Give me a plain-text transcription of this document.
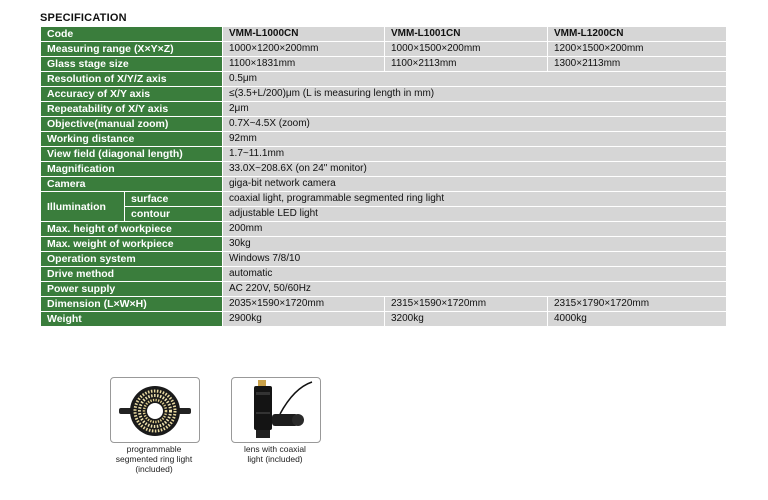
SPECIFICATION
Code		VMM-L1000CN	VMM-L1001CN	VMM-L1200CN
Measuring range (X×Y×Z)		1000×1200×200mm	1000×1500×200mm	1200×1500×200mm
Glass stage size		1100×1831mm	1100×2113mm	1300×2113mm
Resolution of X/Y/Z axis		0.5μm		
Accuracy of X/Y axis		≤(3.5+L/200)μm (L is measuring length in mm)		
Repeatability of X/Y axis		2μm		
Objective(manual zoom)		0.7X~4.5X (zoom)		
Working distance		92mm		
View field (diagonal length)		1.7~11.1mm		
Magnification		33.0X~208.6X (on 24" monitor)		
Camera		giga-bit network camera		
Illumination	surface	coaxial light, programmable segmented ring light		
	contour	adjustable LED light		
Max. height of workpiece		200mm		
Max. weight of workpiece		30kg		
Operation system		Windows 7/8/10		
Drive method		automatic		
Power supply		AC 220V, 50/60Hz		
Dimension (L×W×H)		2035×1590×1720mm	2315×1590×1720mm	2315×1790×1720mm
Weight		2900kg	3200kg	4000kg
programmable segmented ring light (included)
lens with coaxial light (included)
